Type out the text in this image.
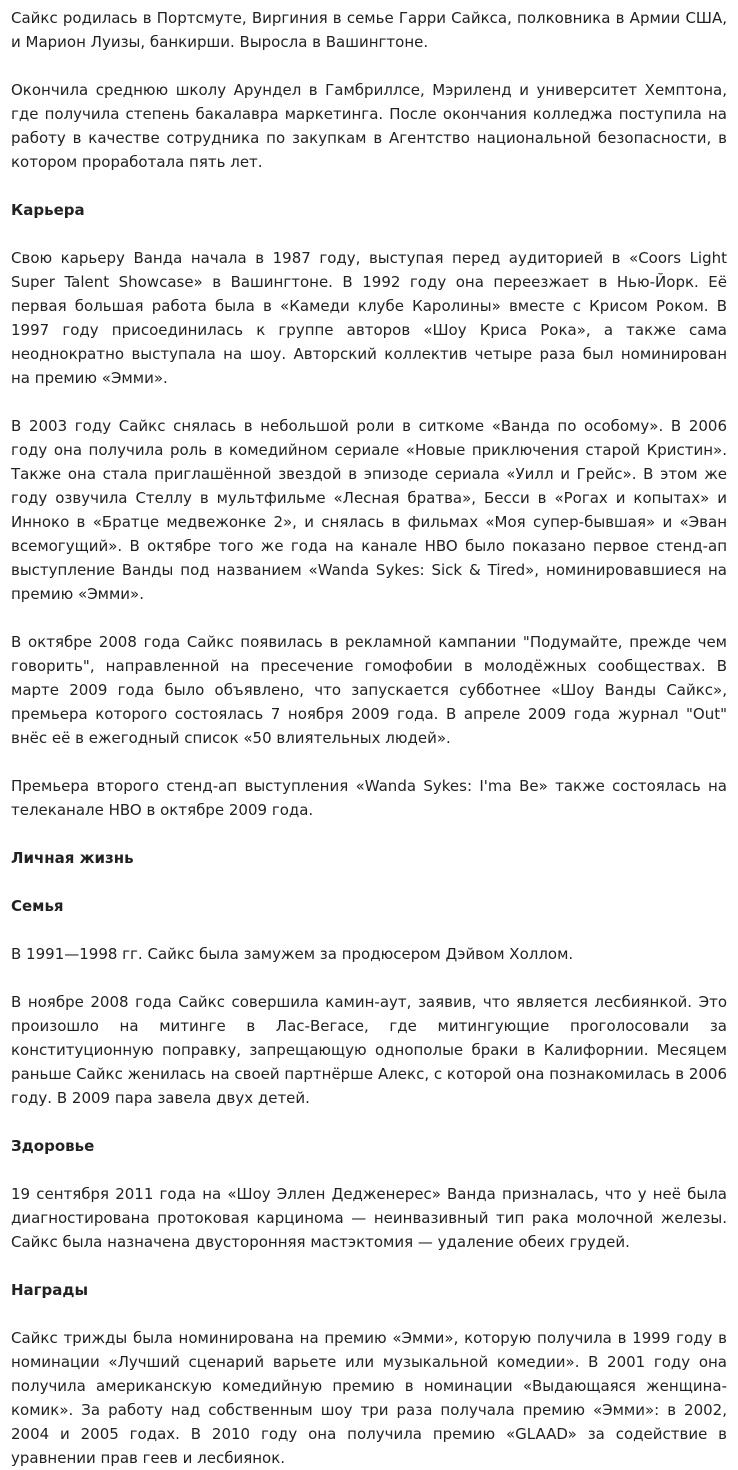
Сайкс родилась в Портсмуте, Виргиния в семье Гарри Сайкса, полковника в Армии США, и Марион Луизы, банкирши. Выросла в Вашингтоне.

Окончила среднюю школу Арундел в Гамбриллсе, Мэриленд и университет Хемптона, где получила степень бакалавра маркетинга. После окончания колледжа поступила на работу в качестве сотрудника по закупкам в Агентство национальной безопасности, в котором проработала пять лет.

Карьера

Свою карьеру Ванда начала в 1987 году, выступая перед аудиторией в «Coors Light Super Talent Showcase» в Вашингтоне. В 1992 году она переезжает в Нью-Йорк. Её первая большая работа была в «Камеди клубе Каролины» вместе с Крисом Роком. В 1997 году присоединилась к группе авторов «Шоу Криса Рока», а также сама неоднократно выступала на шоу. Авторский коллектив четыре раза был номинирован на премию «Эмми».

В 2003 году Сайкс снялась в небольшой роли в ситкоме «Ванда по особому». В 2006 году она получила роль в комедийном сериале «Новые приключения старой Кристин». Также она стала приглашённой звездой в эпизоде сериала «Уилл и Грейс». В этом же году озвучила Стеллу в мультфильме «Лесная братва», Бесси в «Рогах и копытах» и Инноко в «Братце медвежонке 2», и снялась в фильмах «Моя супер-бывшая» и «Эван всемогущий». В октябре того же года на канале HBO было показано первое стенд-ап выступление Ванды под названием «Wanda Sykes: Sick & Tired», номинировавшиеся на премию «Эмми».

В октябре 2008 года Сайкс появилась в рекламной кампании "Подумайте, прежде чем говорить", направленной на пресечение гомофобии в молодёжных сообществах. В марте 2009 года было объявлено, что запускается субботнее «Шоу Ванды Сайкс», премьера которого состоялась 7 ноября 2009 года. В апреле 2009 года журнал "Out" внёс её в ежегодный список «50 влиятельных людей».

Премьера второго стенд-ап выступления «Wanda Sykes: I'ma Be» также состоялась на телеканале HBO в октябре 2009 года.

Личная жизнь
Семья

В 1991—1998 гг. Сайкс была замужем за продюсером Дэйвом Холлом.

В ноябре 2008 года Сайкс совершила камин-аут, заявив, что является лесбиянкой. Это произошло на митинге в Лас-Вегасе, где митингующие проголосовали за конституционную поправку, запрещающую однополые браки в Калифорнии. Месяцем раньше Сайкс женилась на своей партнёрше Алекс, с которой она познакомилась в 2006 году. В 2009 пара завела двух детей.

Здоровье

19 сентября 2011 года на «Шоу Эллен Дедженерес» Ванда призналась, что у неё была диагностирована протоковая карцинома — неинвазивный тип рака молочной железы. Сайкс была назначена двусторонняя мастэктомия — удаление обеих грудей.

Награды

Сайкс трижды была номинирована на премию «Эмми», которую получила в 1999 году в номинации «Лучший сценарий варьете или музыкальной комедии». В 2001 году она получила американскую комедийную премию в номинации «Выдающаяся женщина-комик». За работу над собственным шоу три раза получала премию «Эмми»: в 2002, 2004 и 2005 годах. В 2010 году она получила премию «GLAAD» за содействие в уравнении прав геев и лесбиянок.
